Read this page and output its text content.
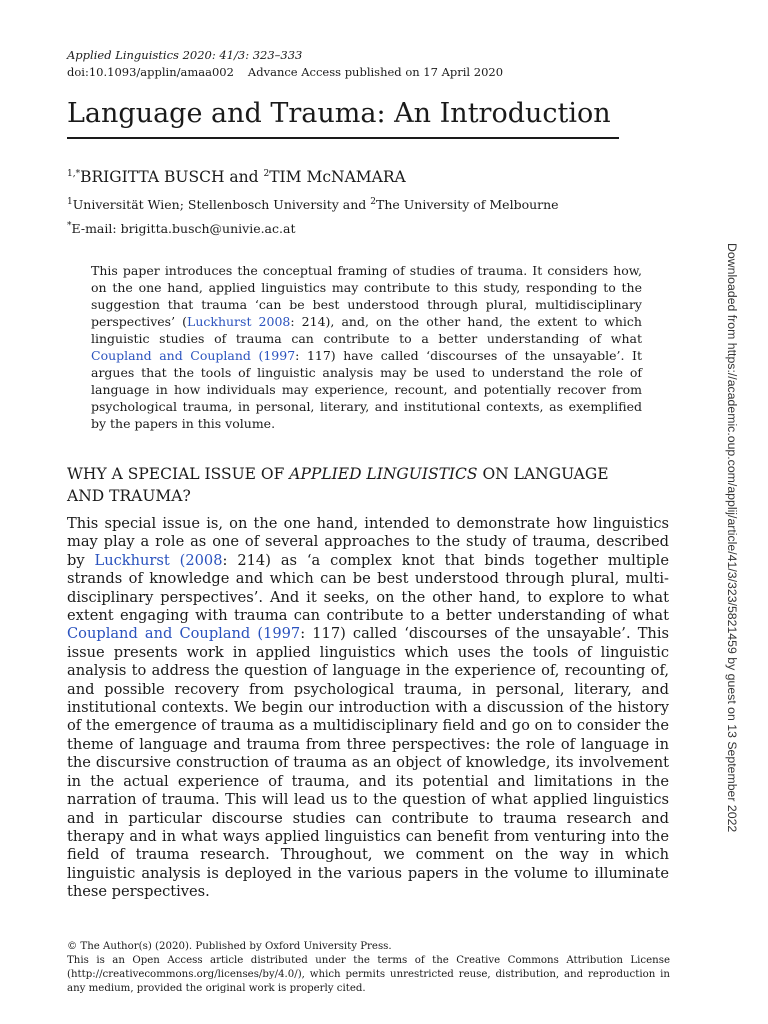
Applied Linguistics 2020: 41/3: 323–333
doi:10.1093/applin/amaa002 Advance Access published on 17 April 2020
Language and Trauma: An Introduction
$^{1,*}$BRIGITTA BUSCH and $^2$TIM McNAMARA
$^1$Universität Wien; Stellenbosch University and $^2$The University of Melbourne
*E-mail: brigitta.busch@univie.ac.at

This paper introduces the conceptual framing of studies of trauma. It considers how, on the one hand, applied linguistics may contribute to this study, responding to the suggestion that trauma ‘can be best understood through plural, multidisciplinary perspectives’ (Luckhurst 2008: 214), and, on the other hand, the extent to which linguistic studies of trauma can contribute to a better understanding of what Coupland and Coupland (1997: 117) have called ‘discourses of the unsayable’. It argues that the tools of linguistic analysis may be used to understand the role of language in how individuals may experience, recount, and potentially recover from psychological trauma, in personal, literary, and institutional contexts, as exemplified by the papers in this volume.

WHY A SPECIAL ISSUE OF APPLIED LINGUISTICS ON LANGUAGE AND TRAUMA?

This special issue is, on the one hand, intended to demonstrate how linguistics may play a role as one of several approaches to the study of trauma, described by Luckhurst (2008: 214) as ‘a complex knot that binds together multiple strands of knowledge and which can be best understood through plural, multi-disciplinary perspectives’. And it seeks, on the other hand, to explore to what extent engaging with trauma can contribute to a better understanding of what Coupland and Coupland (1997: 117) called ‘discourses of the unsayable’. This issue presents work in applied linguistics which uses the tools of linguistic analysis to address the question of language in the experience of, recounting of, and possible recovery from psychological trauma, in personal, literary, and institutional contexts. We begin our introduction with a discussion of the history of the emergence of trauma as a multidisciplinary field and go on to consider the theme of language and trauma from three perspectives: the role of language in the discursive construction of trauma as an object of knowledge, its involvement in the actual experience of trauma, and its potential and limitations in the narration of trauma. This will lead us to the question of what applied linguistics and in particular discourse studies can contribute to trauma research and therapy and in what ways applied linguistics can benefit from venturing into the field of trauma research. Throughout, we comment on the way in which linguistic analysis is deployed in the various papers in the volume to illuminate these perspectives.

© The Author(s) (2020). Published by Oxford University Press.

This is an Open Access article distributed under the terms of the Creative Commons Attribution License (http://creativecommons.org/licenses/by/4.0/), which permits unrestricted reuse, distribution, and reproduction in any medium, provided the original work is properly cited.

Downloaded from https://academic.oup.com/applij/article/41/3/323/5821459 by guest on 13 September 2022
